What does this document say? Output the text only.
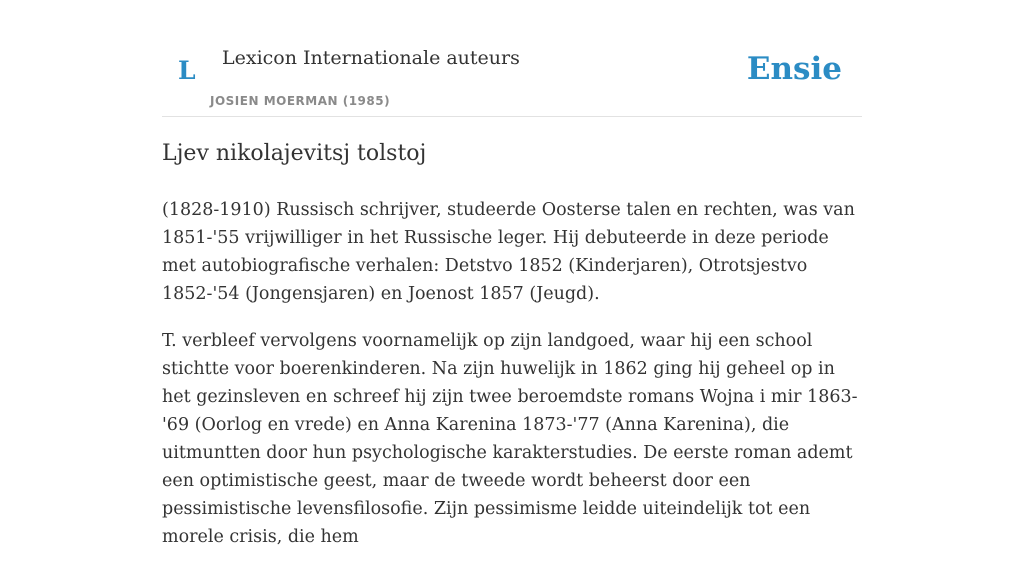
L Lexicon Internationale auteurs
JOSIEN MOERMAN (1985)
Ensie
Ljev nikolajevitsj tolstoj

(1828-1910) Russisch schrijver, studeerde Oosterse talen en rechten, was van 1851-'55 vrijwilliger in het Russische leger. Hij debuteerde in deze periode met autobiografische verhalen: Detstvo 1852 (Kinderjaren), Otrotsjestvo 1852-'54 (Jongensjaren) en Joenost 1857 (Jeugd).

T. verbleef vervolgens voornamelijk op zijn landgoed, waar hij een school stichtte voor boerenkinderen. Na zijn huwelijk in 1862 ging hij geheel op in het gezinsleven en schreef hij zijn twee beroemdste romans Wojna i mir 1863-'69 (Oorlog en vrede) en Anna Karenina 1873-'77 (Anna Karenina), die uitmuntten door hun psychologische karakterstudies. De eerste roman ademt een optimistische geest, maar de tweede wordt beheerst door een pessimistische levensfilosofie. Zijn pessimisme leidde uiteindelijk tot een morele crisis, die hem
